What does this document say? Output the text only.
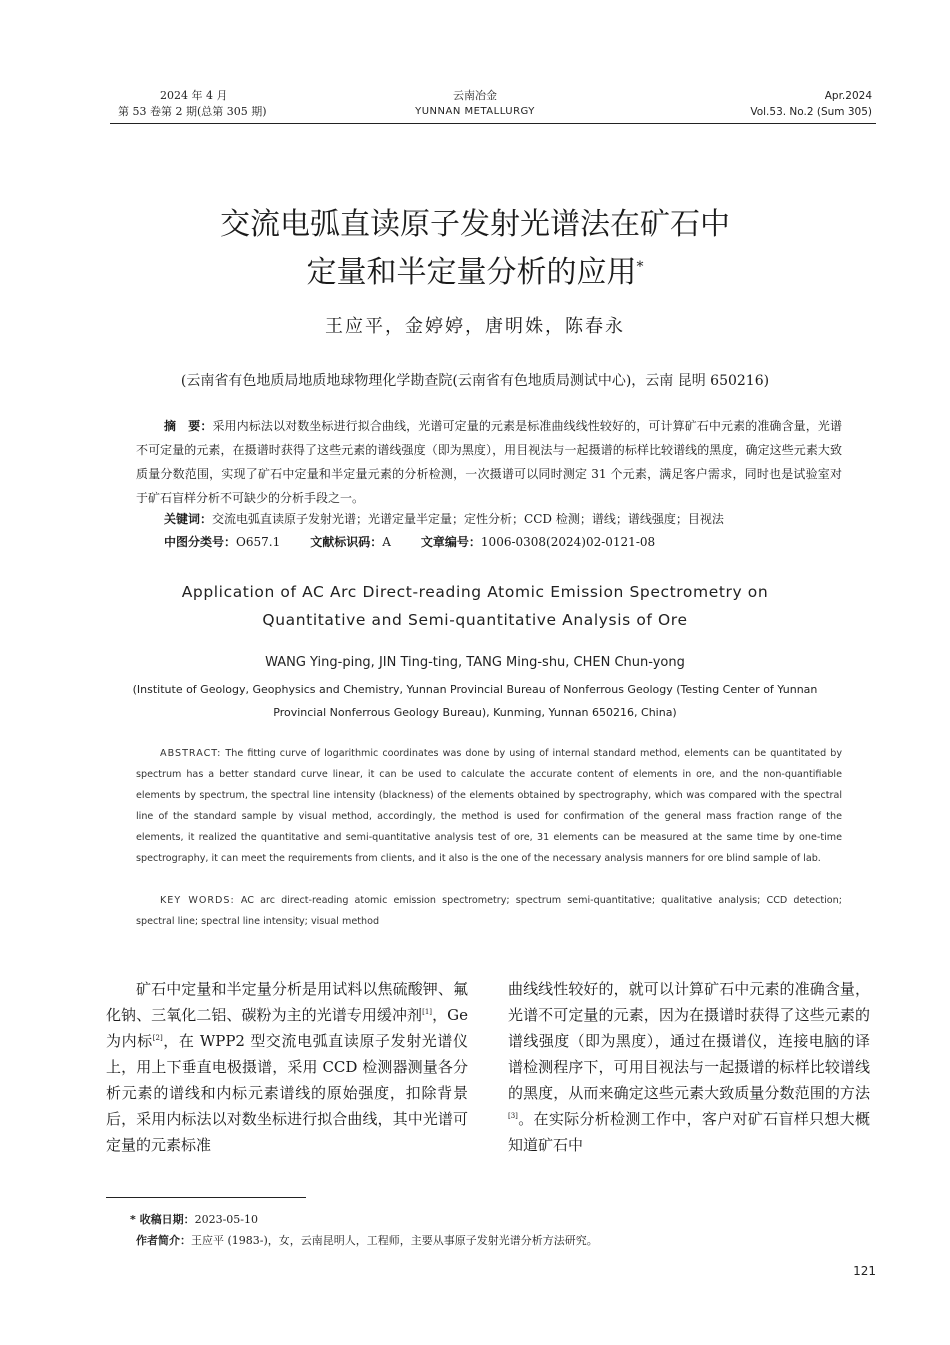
2024 年 4 月
第 53 卷第 2 期(总第 305 期)
云南冶金
YUNNAN METALLURGY
Apr.2024
Vol.53. No.2 (Sum 305)
交流电弧直读原子发射光谱法在矿石中
定量和半定量分析的应用*
王应平，金婷婷，唐明姝，陈春永
(云南省有色地质局地质地球物理化学勘查院(云南省有色地质局测试中心)，云南 昆明 650216)
摘　要：采用内标法以对数坐标进行拟合曲线，光谱可定量的元素是标准曲线线性较好的，可计算矿石中元素的准确含量，光谱不可定量的元素，在摄谱时获得了这些元素的谱线强度（即为黑度），用目视法与一起摄谱的标样比较谱线的黑度，确定这些元素大致质量分数范围，实现了矿石中定量和半定量元素的分析检测，一次摄谱可以同时测定 31 个元素，满足客户需求，同时也是试验室对于矿石盲样分析不可缺少的分析手段之一。
关键词：交流电弧直读原子发射光谱；光谱定量半定量；定性分析；CCD 检测；谱线；谱线强度；目视法
中图分类号：O657.1	文献标识码：A	文章编号：1006-0308(2024)02-0121-08
Application of AC Arc Direct-reading Atomic Emission Spectrometry on
Quantitative and Semi-quantitative Analysis of Ore
WANG Ying-ping, JIN Ting-ting, TANG Ming-shu, CHEN Chun-yong
(Institute of Geology, Geophysics and Chemistry, Yunnan Provincial Bureau of Nonferrous Geology (Testing Center of Yunnan Provincial Nonferrous Geology Bureau), Kunming, Yunnan 650216, China)
ABSTRACT: The fitting curve of logarithmic coordinates was done by using of internal standard method, elements can be quantitated by spectrum has a better standard curve linear, it can be used to calculate the accurate content of elements in ore, and the non-quantifiable elements by spectrum, the spectral line intensity (blackness) of the elements obtained by spectrography, which was compared with the spectral line of the standard sample by visual method, accordingly, the method is used for confirmation of the general mass fraction range of the elements, it realized the quantitative and semi-quantitative analysis test of ore, 31 elements can be measured at the same time by one-time spectrography, it can meet the requirements from clients, and it also is the one of the necessary analysis manners for ore blind sample of lab.
KEY WORDS: AC arc direct-reading atomic emission spectrometry; spectrum semi-quantitative; qualitative analysis; CCD detection; spectral line; spectral line intensity; visual method
矿石中定量和半定量分析是用试料以焦硫酸钾、氟化钠、三氧化二铝、碳粉为主的光谱专用缓冲剂[1]，Ge 为内标[2]，在 WPP2 型交流电弧直读原子发射光谱仪上，用上下垂直电极摄谱，采用 CCD 检测器测量各分析元素的谱线和内标元素谱线的原始强度，扣除背景后，采用内标法以对数坐标进行拟合曲线，其中光谱可定量的元素标准
曲线线性较好的，就可以计算矿石中元素的准确含量，光谱不可定量的元素，因为在摄谱时获得了这些元素的谱线强度（即为黑度），通过在摄谱仪，连接电脑的译谱检测程序下，可用目视法与一起摄谱的标样比较谱线的黑度，从而来确定这些元素大致质量分数范围的方法[3]。在实际分析检测工作中，客户对矿石盲样只想大概知道矿石中
* 收稿日期：2023-05-10
作者简介：王应平 (1983-)，女，云南昆明人，工程师，主要从事原子发射光谱分析方法研究。
121
